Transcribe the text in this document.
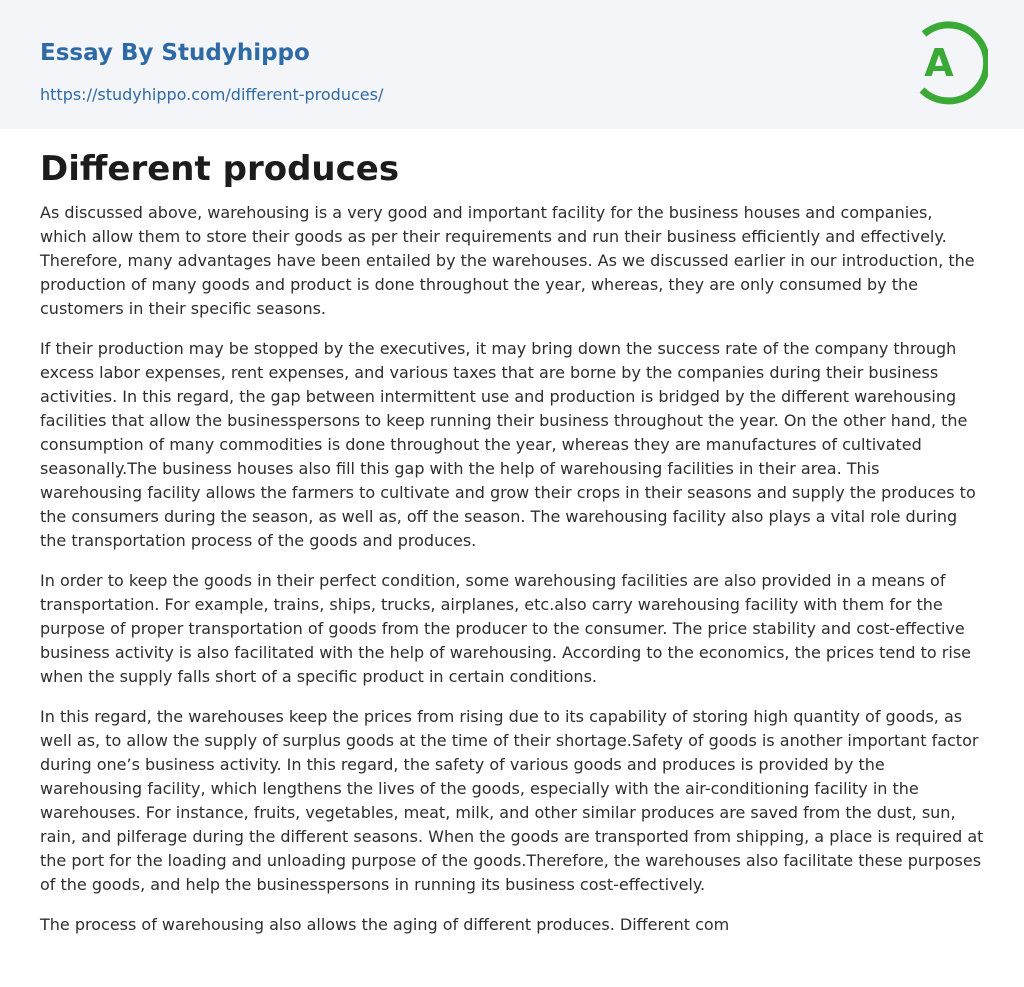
Essay By Studyhippo
https://studyhippo.com/different-produces/
A
Different produces

As discussed above, warehousing is a very good and important facility for the business houses and companies, which allow them to store their goods as per their requirements and run their business efficiently and effectively. Therefore, many advantages have been entailed by the warehouses. As we discussed earlier in our introduction, the production of many goods and product is done throughout the year, whereas, they are only consumed by the customers in their specific seasons.

If their production may be stopped by the executives, it may bring down the success rate of the company through excess labor expenses, rent expenses, and various taxes that are borne by the companies during their business activities. In this regard, the gap between intermittent use and production is bridged by the different warehousing facilities that allow the businesspersons to keep running their business throughout the year. On the other hand, the consumption of many commodities is done throughout the year, whereas they are manufactures of cultivated seasonally.The business houses also fill this gap with the help of warehousing facilities in their area. This warehousing facility allows the farmers to cultivate and grow their crops in their seasons and supply the produces to the consumers during the season, as well as, off the season. The warehousing facility also plays a vital role during the transportation process of the goods and produces.

In order to keep the goods in their perfect condition, some warehousing facilities are also provided in a means of transportation. For example, trains, ships, trucks, airplanes, etc.also carry warehousing facility with them for the purpose of proper transportation of goods from the producer to the consumer. The price stability and cost-effective business activity is also facilitated with the help of warehousing. According to the economics, the prices tend to rise when the supply falls short of a specific product in certain conditions.

In this regard, the warehouses keep the prices from rising due to its capability of storing high quantity of goods, as well as, to allow the supply of surplus goods at the time of their shortage.Safety of goods is another important factor during one’s business activity. In this regard, the safety of various goods and produces is provided by the warehousing facility, which lengthens the lives of the goods, especially with the air-conditioning facility in the warehouses. For instance, fruits, vegetables, meat, milk, and other similar produces are saved from the dust, sun, rain, and pilferage during the different seasons. When the goods are transported from shipping, a place is required at the port for the loading and unloading purpose of the goods.Therefore, the warehouses also facilitate these purposes of the goods, and help the businesspersons in running its business cost-effectively.

The process of warehousing also allows the aging of different produces. Different com
